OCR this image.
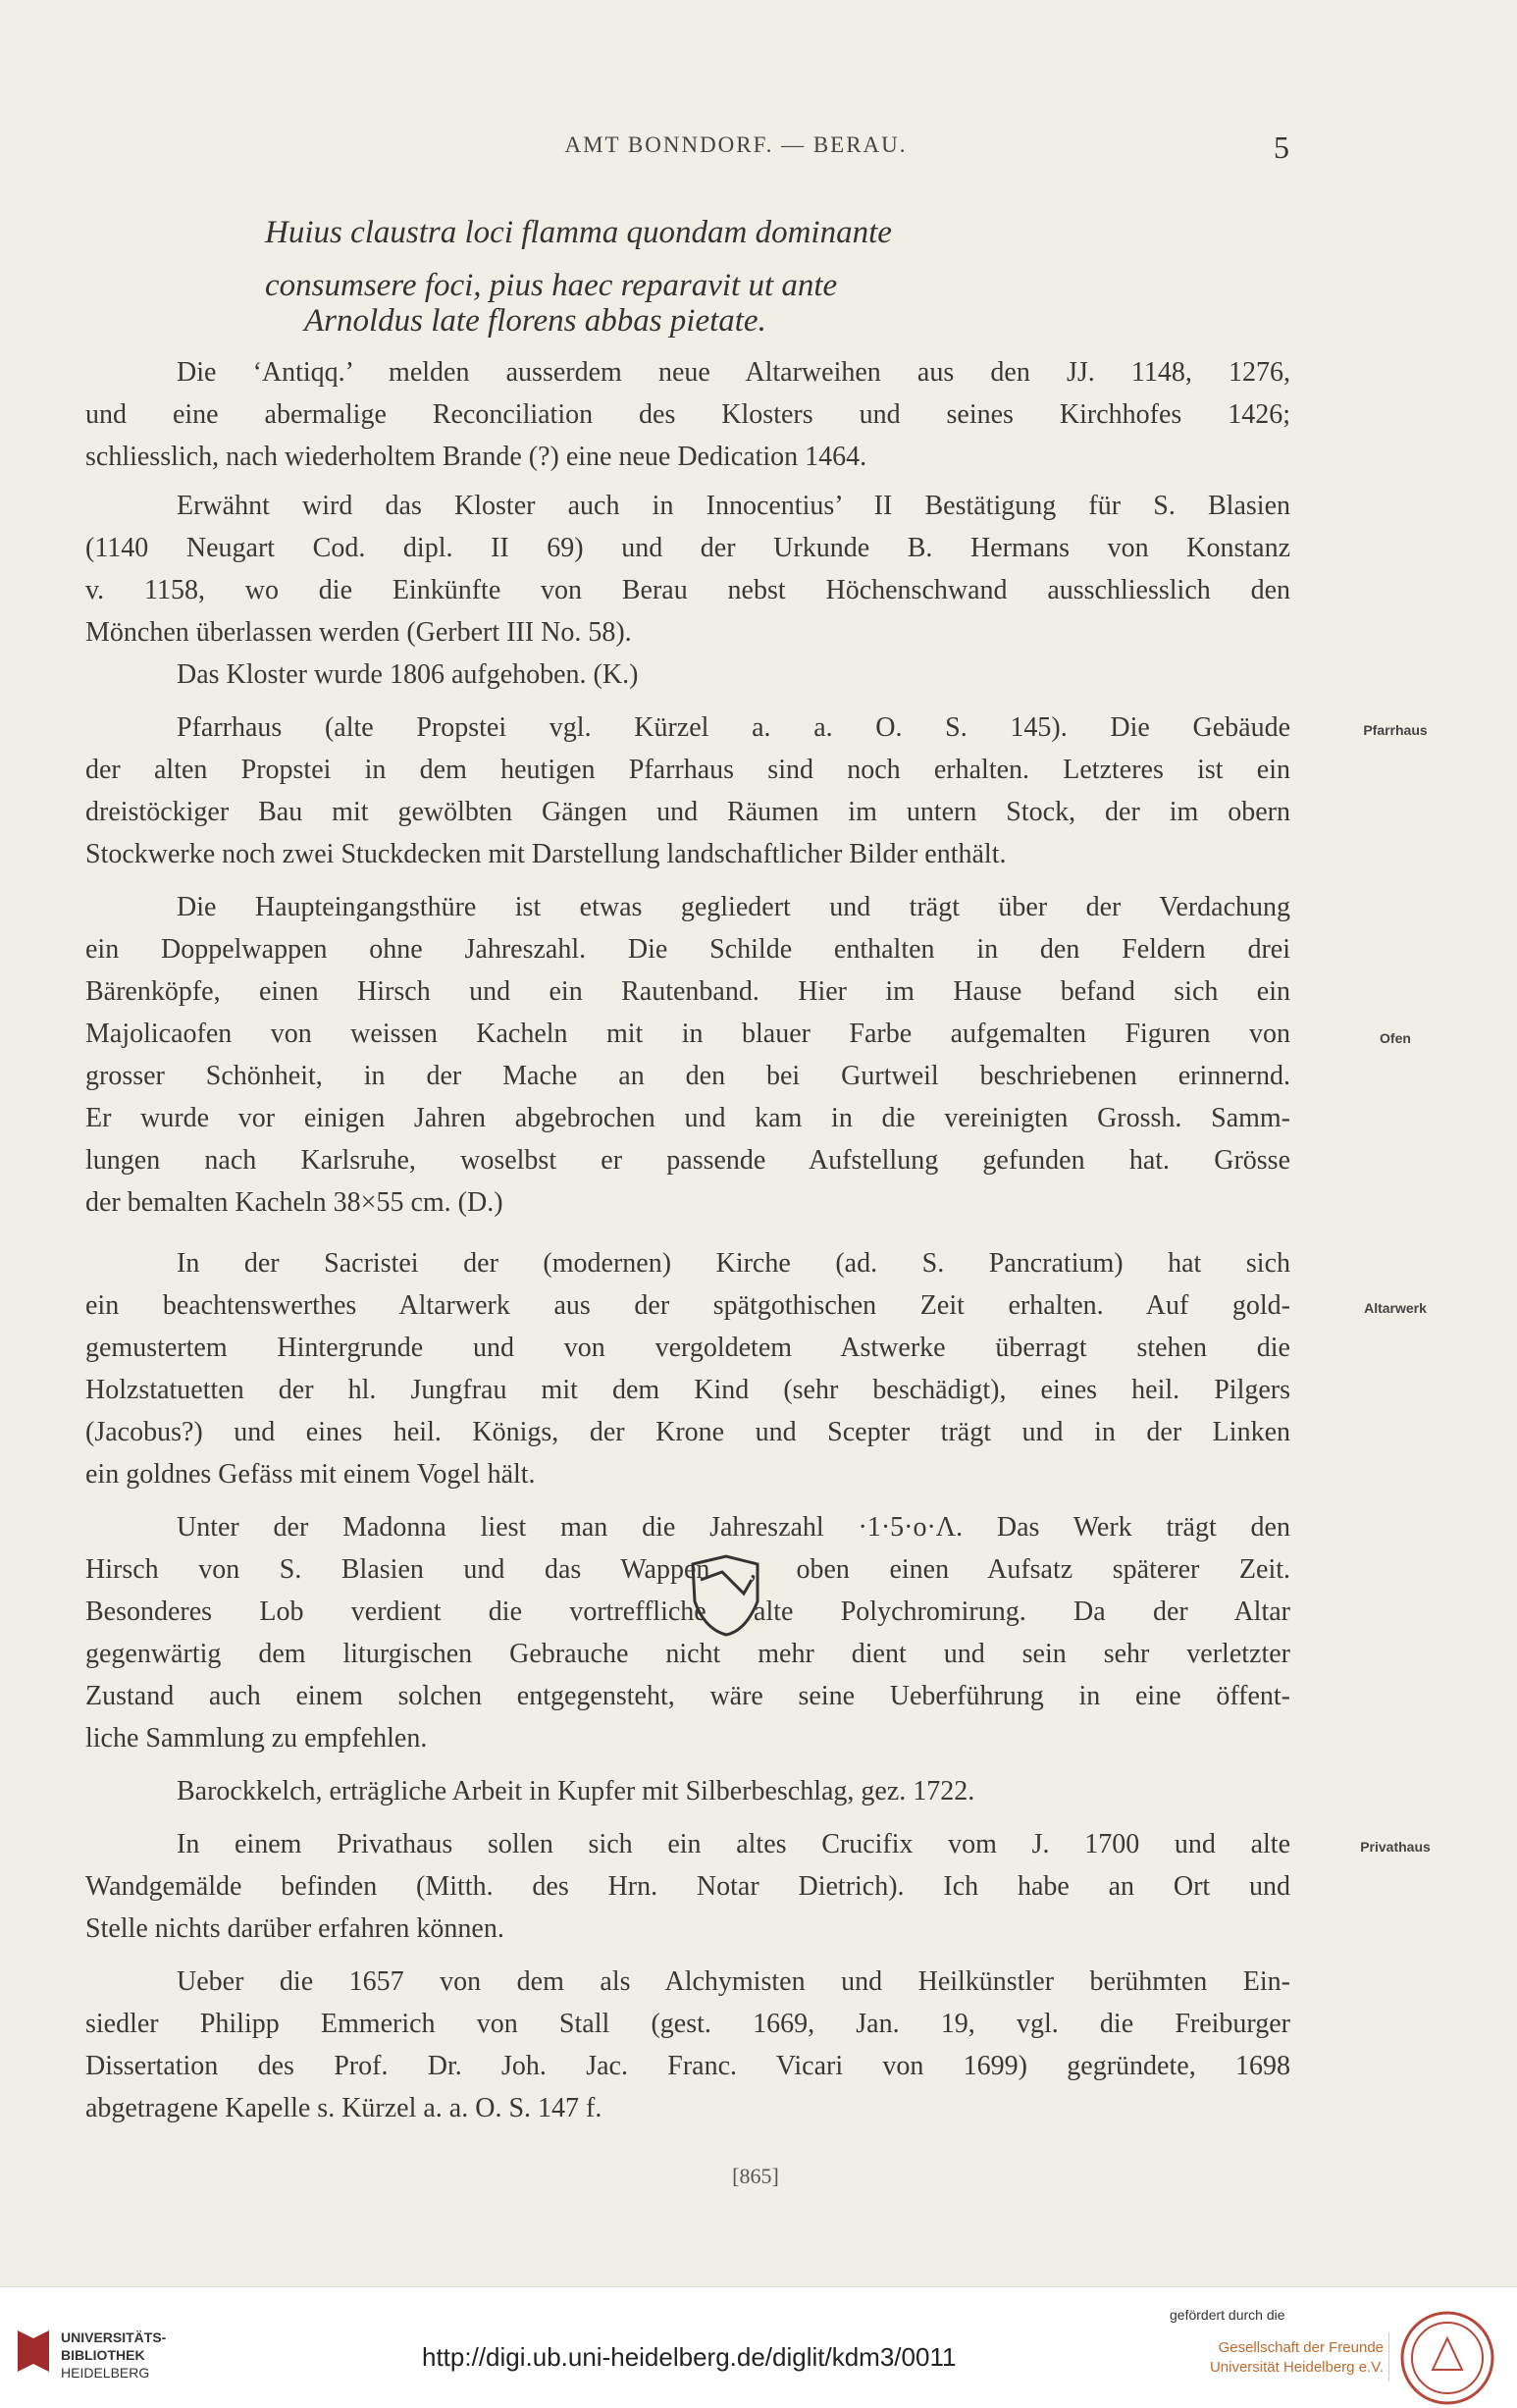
AMT BONNDORF. — BERAU.	5
Huius claustra loci flamma quondam dominante
consumsere foci, pius haec reparavit ut ante
Arnoldus late florens abbas pietate.
Die ‘Antiqq.’ melden ausserdem neue Altarweihen aus den JJ. 1148, 1276,
und eine abermalige Reconciliation des Klosters und seines Kirchhofes 1426;
schliesslich, nach wiederholtem Brande (?) eine neue Dedication 1464.
Erwähnt wird das Kloster auch in Innocentius’ II Bestätigung für S. Blasien
(1140 Neugart Cod. dipl. II 69) und der Urkunde B. Hermans von Konstanz
v. 1158, wo die Einkünfte von Berau nebst Höchenschwand ausschliesslich den
Mönchen überlassen werden (Gerbert III No. 58).
Das Kloster wurde 1806 aufgehoben. (K.)
Pfarrhaus (alte Propstei vgl. Kürzel a. a. O. S. 145). Die Gebäude
der alten Propstei in dem heutigen Pfarrhaus sind noch erhalten. Letzteres ist ein
dreistöckiger Bau mit gewölbten Gängen und Räumen im untern Stock, der im obern
Stockwerke noch zwei Stuckdecken mit Darstellung landschaftlicher Bilder enthält.
Die Haupteingangsthüre ist etwas gegliedert und trägt über der Verdachung
ein Doppelwappen ohne Jahreszahl. Die Schilde enthalten in den Feldern drei
Bärenköpfe, einen Hirsch und ein Rautenband. Hier im Hause befand sich ein
Majolicaofen von weissen Kacheln mit in blauer Farbe aufgemalten Figuren von
grosser Schönheit, in der Mache an den bei Gurtweil beschriebenen erinnernd.
Er wurde vor einigen Jahren abgebrochen und kam in die vereinigten Grossh. Samm-
lungen nach Karlsruhe, woselbst er passende Aufstellung gefunden hat. Grösse
der bemalten Kacheln 38×55 cm. (D.)
In der Sacristei der (modernen) Kirche (ad. S. Pancratium) hat sich
ein beachtenswerthes Altarwerk aus der spätgothischen Zeit erhalten. Auf gold-
gemustertem Hintergrunde und von vergoldetem Astwerke überragt stehen die
Holzstatuetten der hl. Jungfrau mit dem Kind (sehr beschädigt), eines heil. Pilgers
(Jacobus?) und eines heil. Königs, der Krone und Scepter trägt und in der Linken
ein goldnes Gefäss mit einem Vogel hält.
Unter der Madonna liest man die Jahreszahl ·1·5·o·Λ. Das Werk trägt den
Hirsch von S. Blasien und das Wappen , oben einen Aufsatz späterer Zeit.
Besonderes Lob verdient die vortreffliche alte Polychromirung. Da der Altar
gegenwärtig dem liturgischen Gebrauche nicht mehr dient und sein sehr verletzter
Zustand auch einem solchen entgegensteht, wäre seine Ueberführung in eine öffent-
liche Sammlung zu empfehlen.
Barockkelch, erträgliche Arbeit in Kupfer mit Silberbeschlag, gez. 1722.
In einem Privathaus sollen sich ein altes Crucifix vom J. 1700 und alte
Wandgemälde befinden (Mitth. des Hrn. Notar Dietrich). Ich habe an Ort und
Stelle nichts darüber erfahren können.
Ueber die 1657 von dem als Alchymisten und Heilkünstler berühmten Ein-
siedler Philipp Emmerich von Stall (gest. 1669, Jan. 19, vgl. die Freiburger
Dissertation des Prof. Dr. Joh. Jac. Franc. Vicari von 1699) gegründete, 1698
abgetragene Kapelle s. Kürzel a. a. O. S. 147 f.
Pfarrhaus
Ofen
Altarwerk
Privathaus
[865]
UNIVERSITÄTS-
BIBLIOTHEK
HEIDELBERG
http://digi.ub.uni-heidelberg.de/diglit/kdm3/0011
gefördert durch die
Gesellschaft der Freunde
Universität Heidelberg e.V.
